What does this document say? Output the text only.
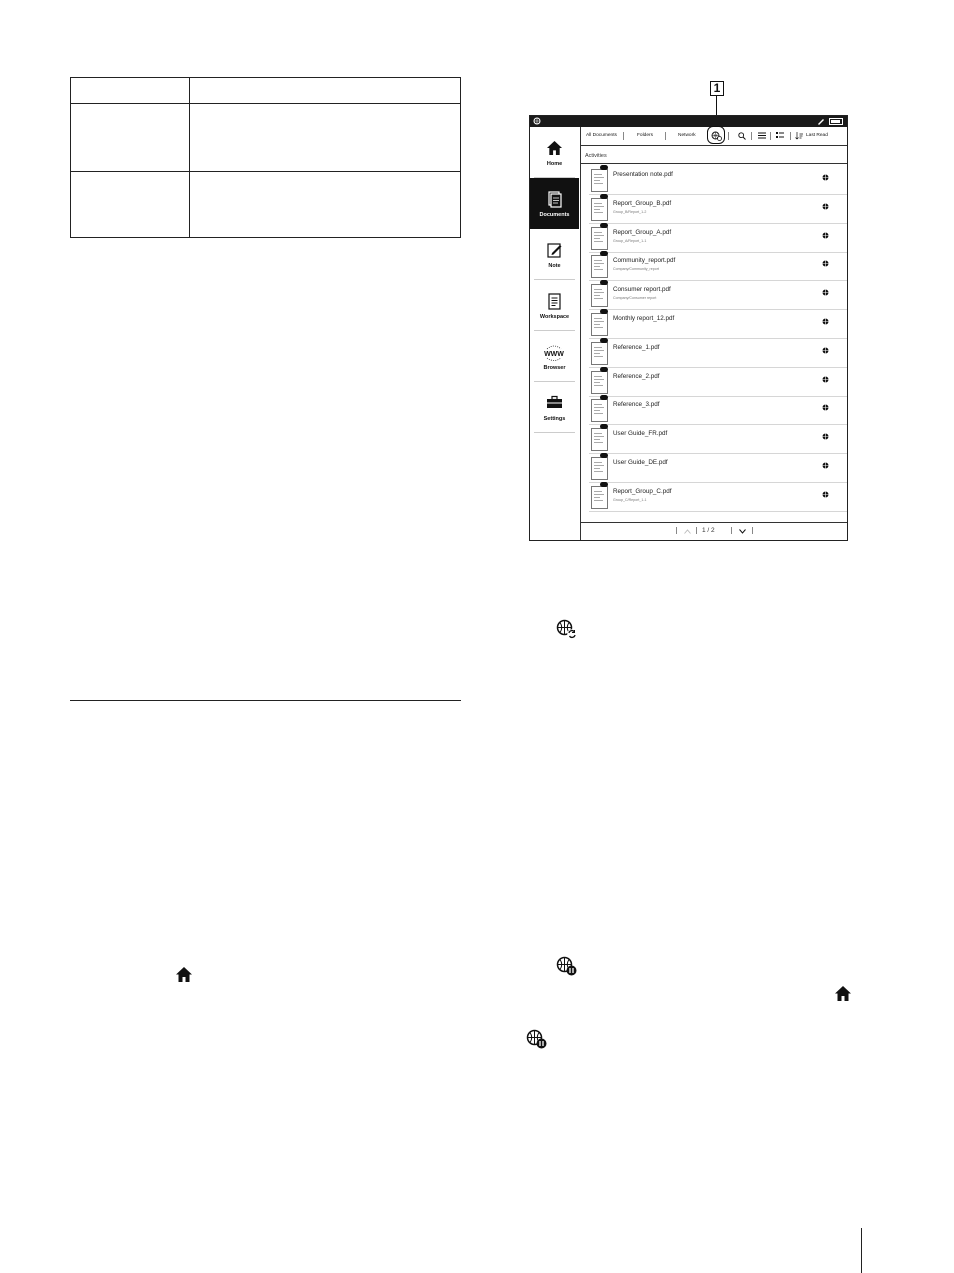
1
Home
Documents
Note
Workspace
WWW
Browser
Settings
All Documents	Folders	Network	Last Read
Activities
Presentation note.pdf
Report_Group_B.pdf
Group_B/Report_1-2
Report_Group_A.pdf
Group_A/Report_1-1
Community_report.pdf
Company/Community_report
Consumer report.pdf
Company/Consumer report
Monthly report_12.pdf
Reference_1.pdf
Reference_2.pdf
Reference_3.pdf
User Guide_FR.pdf
User Guide_DE.pdf
Report_Group_C.pdf
Group_C/Report_1-1
1 / 2
